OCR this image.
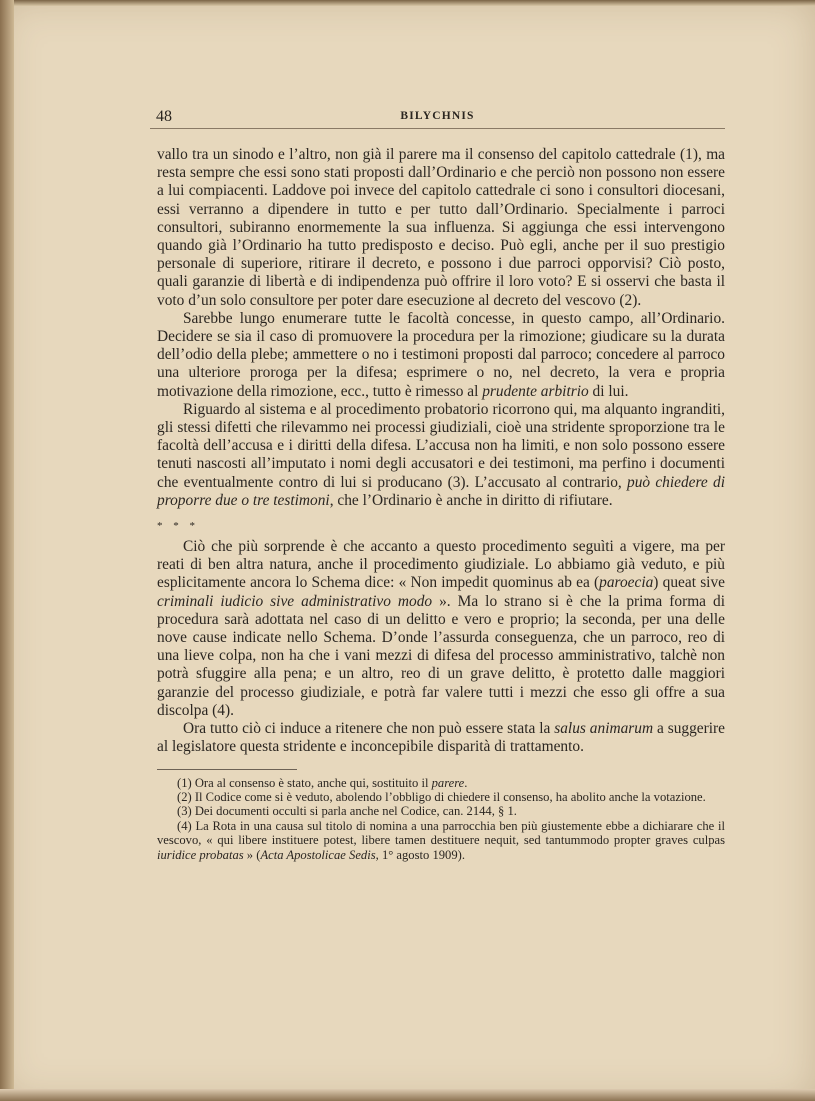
48	BILYCHNIS

vallo tra un sinodo e l’altro, non già il parere ma il consenso del capitolo cattedrale (1), ma resta sempre che essi sono stati proposti dall’Ordinario e che perciò non possono non essere a lui compiacenti. Laddove poi invece del capitolo cattedrale ci sono i consultori diocesani, essi verranno a dipendere in tutto e per tutto dall’Ordinario. Specialmente i parroci consultori, subiranno enormemente la sua influenza. Si aggiunga che essi intervengono quando già l’Ordinario ha tutto predisposto e deciso. Può egli, anche per il suo prestigio personale di superiore, ritirare il decreto, e possono i due parroci opporvisi? Ciò posto, quali garanzie di libertà e di indipendenza può offrire il loro voto? E si osservi che basta il voto d’un solo consultore per poter dare esecuzione al decreto del vescovo (2).

Sarebbe lungo enumerare tutte le facoltà concesse, in questo campo, all’Ordinario. Decidere se sia il caso di promuovere la procedura per la rimozione; giudicare su la durata dell’odio della plebe; ammettere o no i testimoni proposti dal parroco; concedere al parroco una ulteriore proroga per la difesa; esprimere o no, nel decreto, la vera e propria motivazione della rimozione, ecc., tutto è rimesso al prudente arbitrio di lui.

Riguardo al sistema e al procedimento probatorio ricorrono qui, ma alquanto ingranditi, gli stessi difetti che rilevammo nei processi giudiziali, cioè una stridente sproporzione tra le facoltà dell’accusa e i diritti della difesa. L’accusa non ha limiti, e non solo possono essere tenuti nascosti all’imputato i nomi degli accusatori e dei testimoni, ma perfino i documenti che eventualmente contro di lui si producano (3). L’accusato al contrario, può chiedere di proporre due o tre testimoni, che l’Ordinario è anche in diritto di rifiutare.

* * *

Ciò che più sorprende è che accanto a questo procedimento seguìti a vigere, ma per reati di ben altra natura, anche il procedimento giudiziale. Lo abbiamo già veduto, e più esplicitamente ancora lo Schema dice: « Non impedit quominus ab ea (paroecia) queat sive criminali iudicio sive administrativo modo ». Ma lo strano si è che la prima forma di procedura sarà adottata nel caso di un delitto e vero e proprio; la seconda, per una delle nove cause indicate nello Schema. D’onde l’assurda conseguenza, che un parroco, reo di una lieve colpa, non ha che i vani mezzi di difesa del processo amministrativo, talchè non potrà sfuggire alla pena; e un altro, reo di un grave delitto, è protetto dalle maggiori garanzie del processo giudiziale, e potrà far valere tutti i mezzi che esso gli offre a sua discolpa (4).

Ora tutto ciò ci induce a ritenere che non può essere stata la salus animarum a suggerire al legislatore questa stridente e inconcepibile disparità di trattamento.

(1) Ora al consenso è stato, anche qui, sostituito il parere.

(2) Il Codice come si è veduto, abolendo l’obbligo di chiedere il consenso, ha abolito anche la votazione.

(3) Dei documenti occulti si parla anche nel Codice, can. 2144, § 1.

(4) La Rota in una causa sul titolo di nomina a una parrocchia ben più giustemente ebbe a dichiarare che il vescovo, « qui libere instituere potest, libere tamen destituere nequit, sed tantummodo propter graves culpas iuridice probatas » (Acta Apostolicae Sedis, 1° agosto 1909).
